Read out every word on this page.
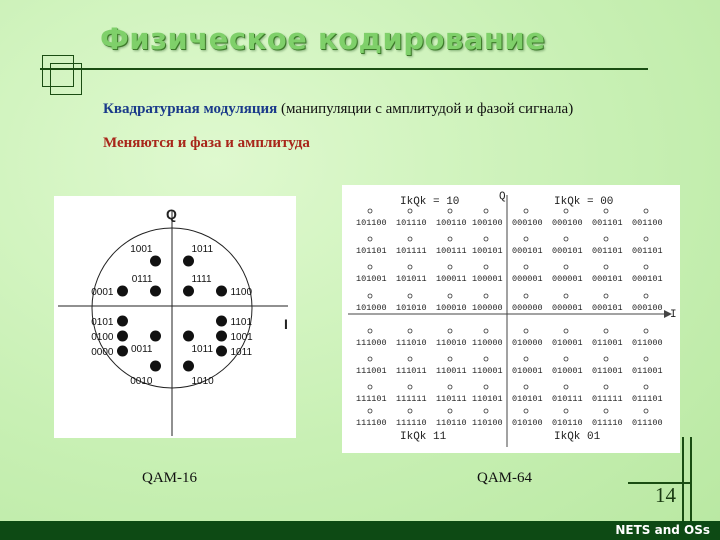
Физическое кодирование
Квадратурная модуляция (манипуляции с амплитудой и фазой сигнала)
Меняются и фаза и амплитуда
Q
I
1001	1011
0001	1100
0111	1111
0101	1101
0100	1001
0011	1011
0000	1011
0010	1010
Q
I
IkQk = 10	IkQk = 00
IkQk 11	IkQk 01
101100 101110 100110 100100 000100 000100 001101 001100
101101 101111 100111 100101 000101 000101 001101 001101
101001 101011 100011 100001 000001 000001 000101 000101
101000 101010 100010 100000 000000 000001 000101 000100
111000 111010 110010 110000 010000 010001 011001 011000
111001 111011 110011 110001 010001 010001 011001 011001
111101 111111 110111 110101 010101 010111 011111 011101
111100 111110 110110 110100 010100 010110 011110 011100
QAM-16	QAM-64
14
NETS and OSs
